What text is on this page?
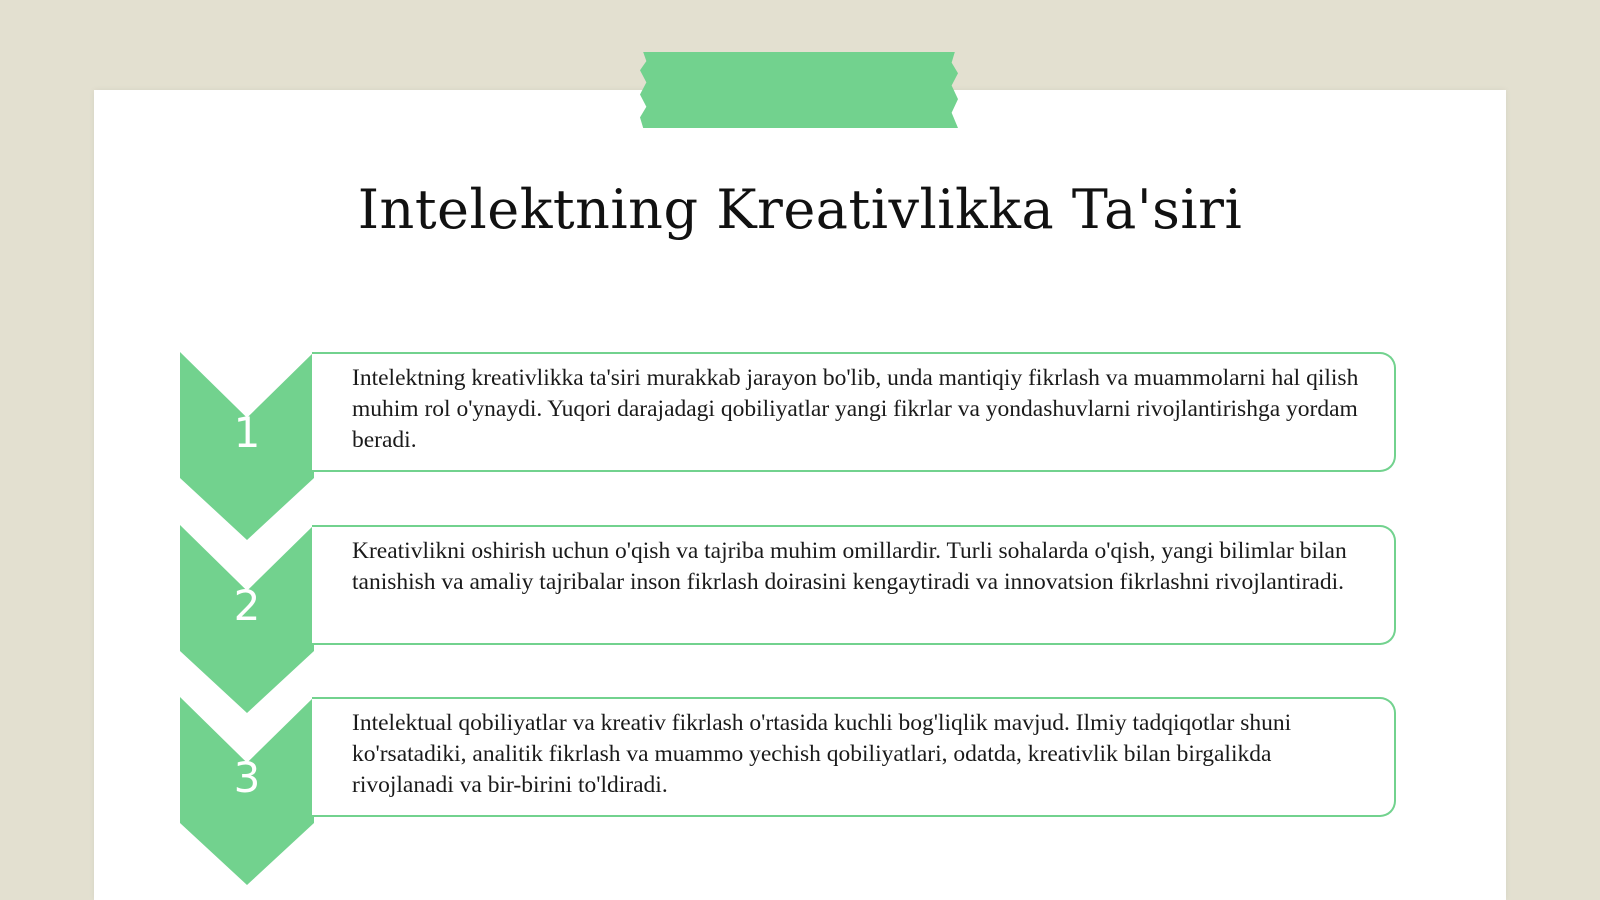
Intelektning Kreativlikka Ta'siri
1
Intelektning kreativlikka ta'siri murakkab jarayon bo'lib, unda mantiqiy fikrlash va muammolarni hal qilish muhim rol o'ynaydi. Yuqori darajadagi qobiliyatlar yangi fikrlar va yondashuvlarni rivojlantirishga yordam beradi.
2
Kreativlikni oshirish uchun o'qish va tajriba muhim omillardir. Turli sohalarda o'qish, yangi bilimlar bilan tanishish va amaliy tajribalar inson fikrlash doirasini kengaytiradi va innovatsion fikrlashni rivojlantiradi.
3
Intelektual qobiliyatlar va kreativ fikrlash o'rtasida kuchli bog'liqlik mavjud. Ilmiy tadqiqotlar shuni ko'rsatadiki, analitik fikrlash va muammo yechish qobiliyatlari, odatda, kreativlik bilan birgalikda rivojlanadi va bir-birini to'ldiradi.
